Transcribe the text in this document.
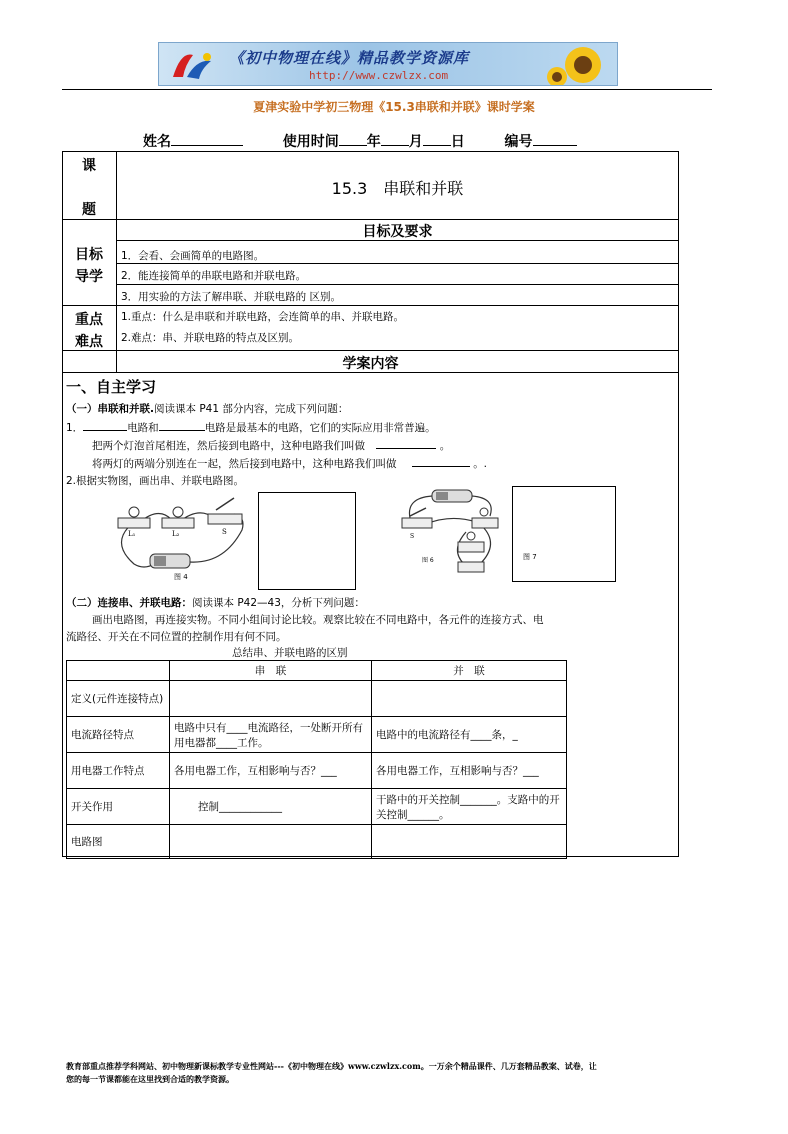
《初中物理在线》精品教学资源库
http://www.czwlzx.com
夏津实验中学初三物理《15.3串联和并联》课时学案
姓名	使用时间 年 月 日	编号
课
题
15.3　串联和并联
目标及要求
目标
导学
1．会看、会画简单的电路图。
2．能连接简单的串联电路和并联电路。
3．用实验的方法了解串联、并联电路的 区别。
重点
难点
1.重点：什么是串联和并联电路，会连简单的串、并联电路。
2.难点：串、并联电路的特点及区别。
学案内容
一、自主学习
（一）串联和并联.阅读课本 P41 部分内容，完成下列问题：
1．	电路和	电路是最基本的电路，它们的实际应用非常普遍。
把两个灯泡首尾相连，然后接到电路中，这种电路我们叫做	。
将两灯的两端分别连在一起，然后接到电路中，这种电路我们叫做	。.
2.根据实物图，画出串、并联电路图。
L₁	L₂	S
图 4
S
图 6	图 7
（二）连接串、并联电路：阅读课本 P42—43，分析下列问题：
画出电路图，再连接实物。不同小组间讨论比较。观察比较在不同电路中，各元件的连接方式、电
流路径、开关在不同位置的控制作用有何不同。
总结串、并联电路的区别
	串　联	并　联
定义(元件连接特点)		
电流路径特点	电路中只有____电流路径，一处断开所有用电器都____工作。	电路中的电流路径有____条，_
用电器工作特点	各用电器工作，互相影响与否？___	各用电器工作，互相影响与否？___
开关作用	控制____________	干路中的开关控制_______。支路中的开关控制______。
电路图		
教育部重点推荐学科网站、初中物理新课标教学专业性网站---《初中物理在线》www.czwlzx.com。一万余个精品课件、几万套精品教案、试卷，让
您的每一节课都能在这里找到合适的教学资源。
